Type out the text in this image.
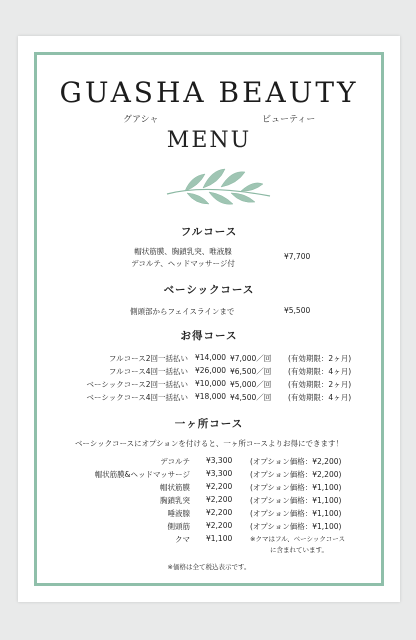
GUASHA BEAUTY
グアシャ	ビューティー
MENU
フルコース
帽状筋膜、胸鎖乳突、唯液腺
デコルテ、ヘッドマッサージ付
¥7,700
ベーシックコース
側頭部からフェイスラインまで	¥5,500
お得コース
フルコース2回一括払い ¥14,000 ¥7,000／回 (有効期限：2ヶ月)
フルコース4回一括払い ¥26,000 ¥6,500／回 (有効期限：4ヶ月)
ベーシックコース2回一括払い ¥10,000 ¥5,000／回 (有効期限：2ヶ月)
ベーシックコース4回一括払い ¥18,000 ¥4,500／回 (有効期限：4ヶ月)
一ヶ所コース
ベーシックコースにオプションを付けると、一ヶ所コースよりお得にできます！
デコルテ ¥3,300 (オプション価格：¥2,200)
帽状筋膜&ヘッドマッサージ ¥3,300 (オプション価格：¥2,200)
帽状筋膜 ¥2,200 (オプション価格：¥1,100)
胸鎖乳突 ¥2,200 (オプション価格：¥1,100)
唾液腺 ¥2,200 (オプション価格：¥1,100)
側頭筋 ¥2,200 (オプション価格：¥1,100)
クマ ¥1,100	※クマはフル、ベーシックコース
に含まれています。
※価格は全て税込表示です。
